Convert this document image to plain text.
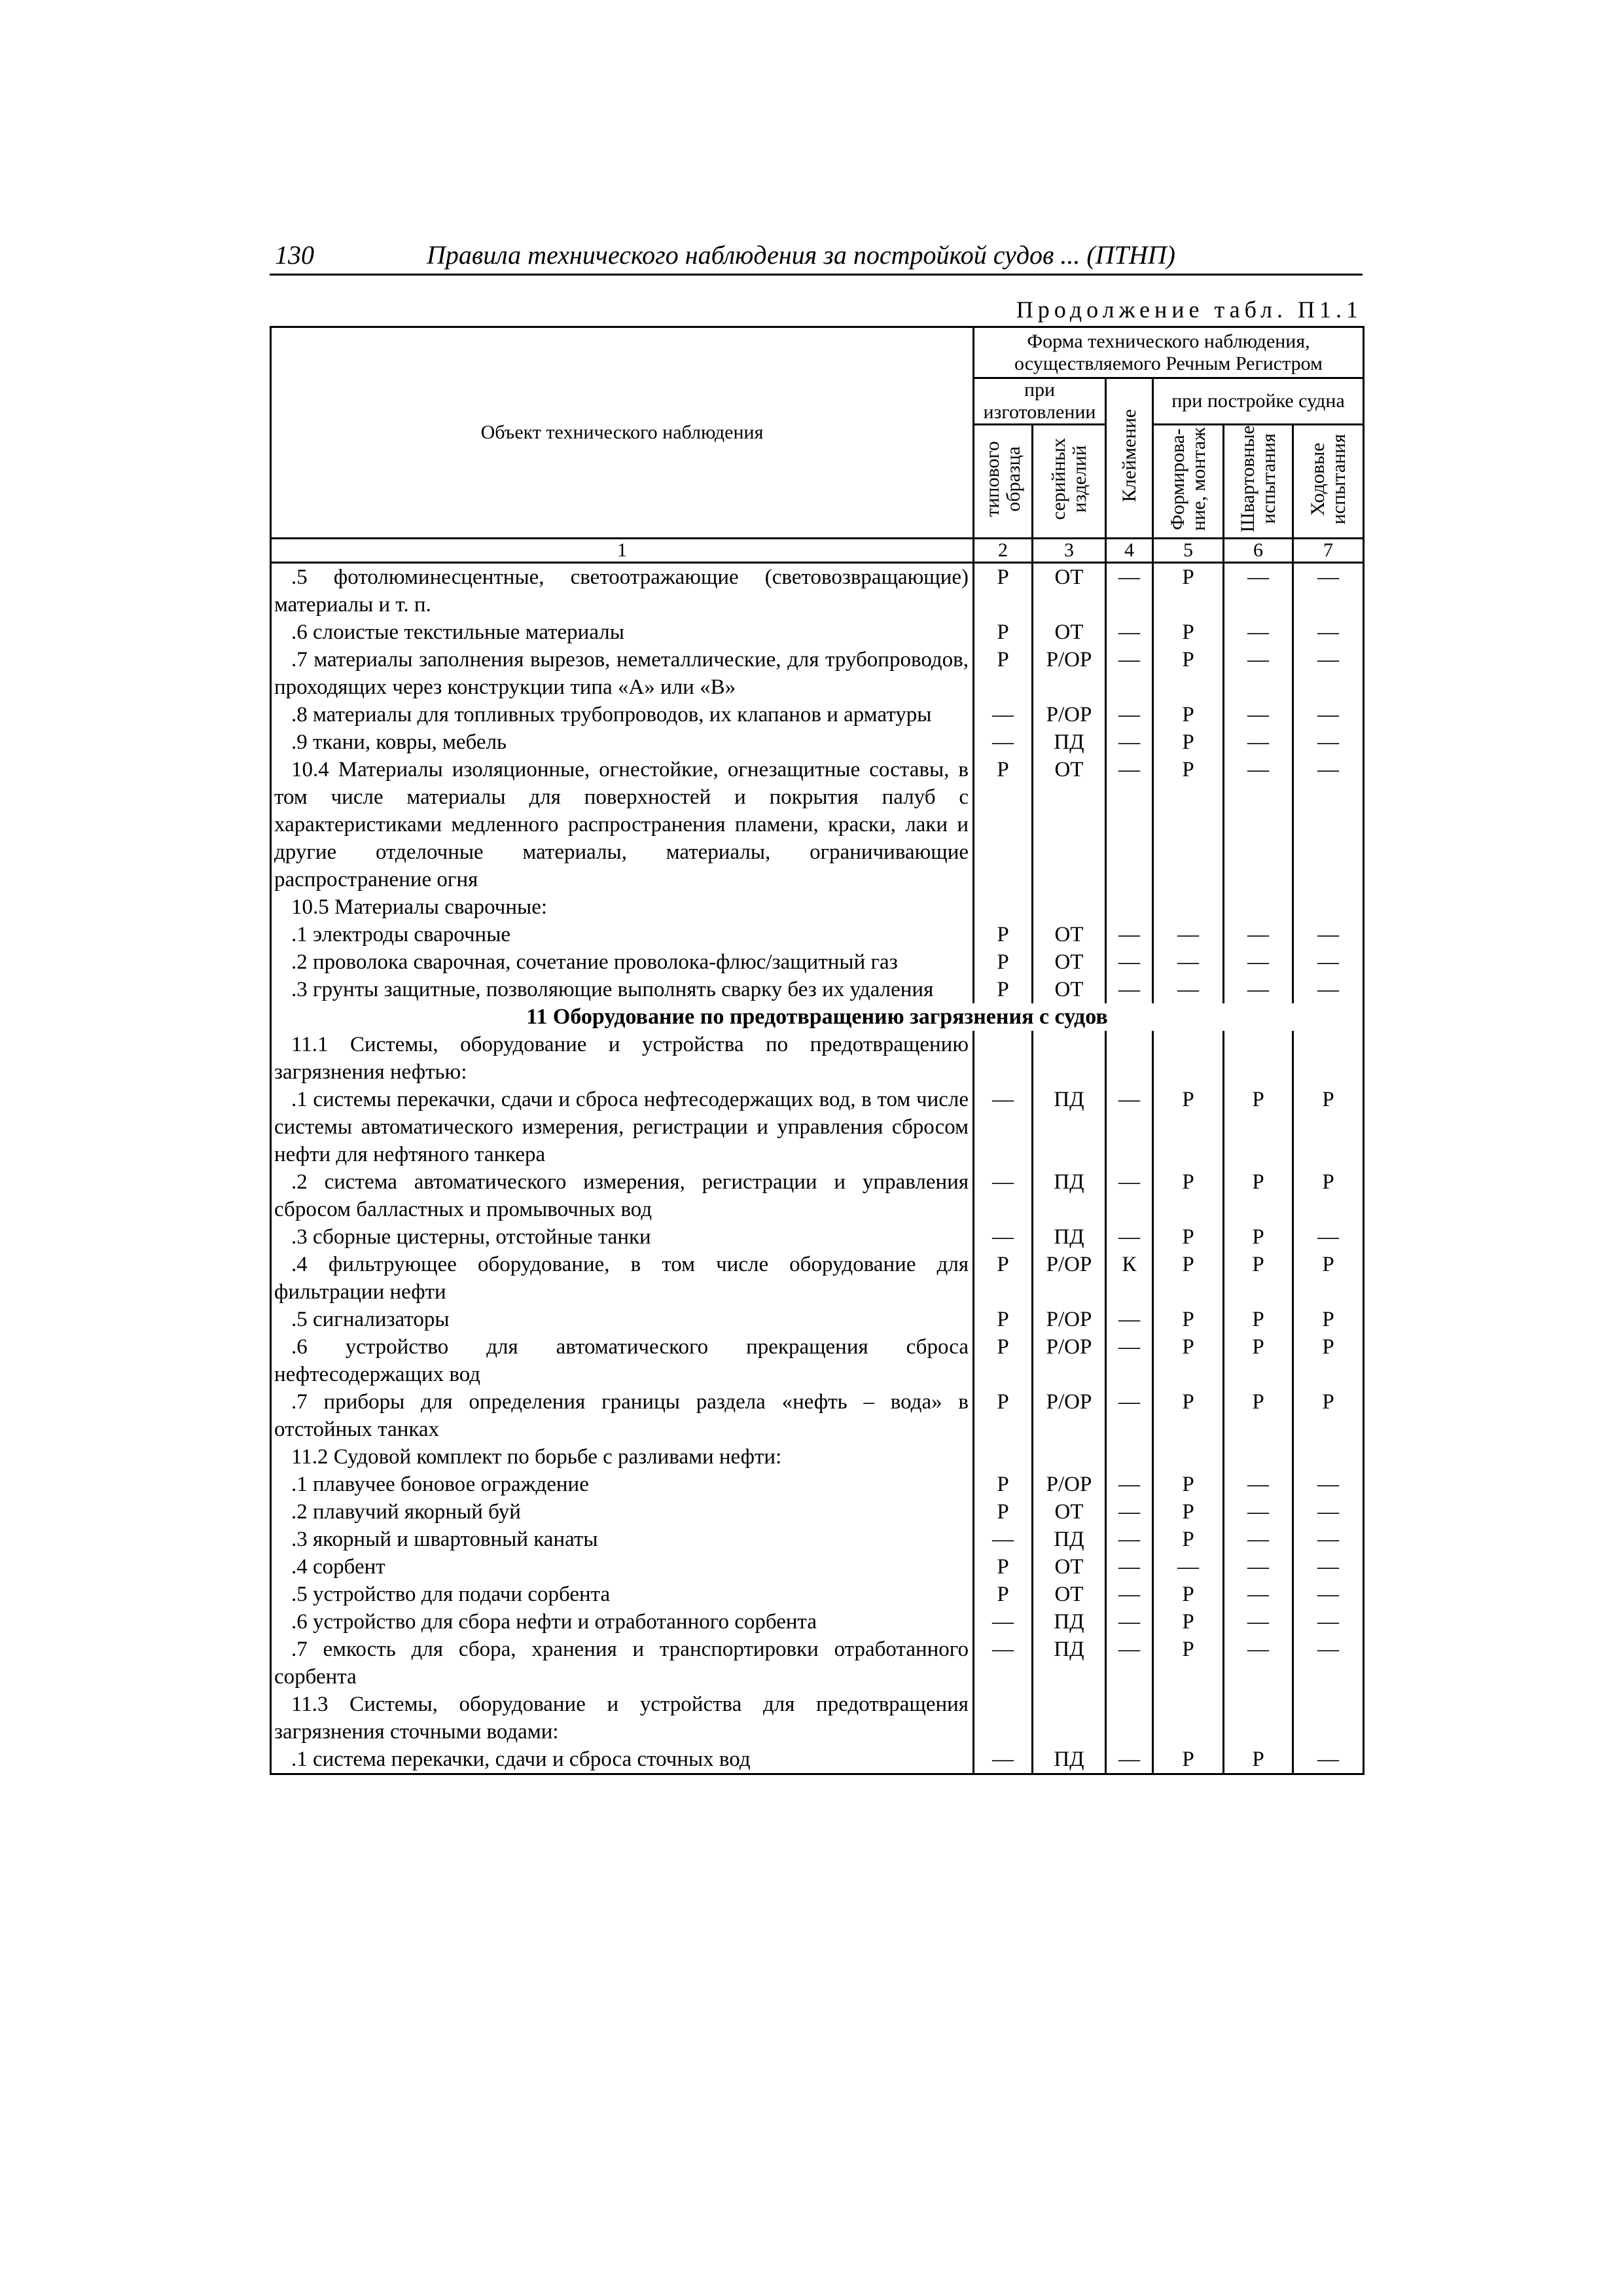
130	Правила технического наблюдения за постройкой судов ... (ПТНП)
Продолжение табл. П1.1
Объект технического наблюдения	Форма технического наблюдения,
осуществляемого Речным Регистром					

	при
изготовлении		Клеймение	при постройке судна		

	типового образца	серийных изделий		Формирова- ние, монтаж	Швартовные испытания	Ходовые испытания

1	2	3	4	5	6	7

.5 фотолюминесцентные, светоотражающие (световозвращающие) материалы и т. п.	Р	ОТ	—	Р	—	—

.6 слоистые текстильные материалы	Р	ОТ	—	Р	—	—

.7 материалы заполнения вырезов, неметаллические, для трубопроводов, проходящих через конструкции типа «А» или «В»	Р	Р/ОР	—	Р	—	—

.8 материалы для топливных трубопроводов, их клапанов и арматуры	—	Р/ОР	—	Р	—	—

.9 ткани, ковры, мебель	—	ПД	—	Р	—	—

10.4 Материалы изоляционные, огнестойкие, огнезащитные составы, в том числе материалы для поверхностей и покрытия палуб с характеристиками медленного распространения пламени, краски, лаки и другие отделочные материалы, материалы, ограничивающие распространение огня	Р	ОТ	—	Р	—	—

10.5 Материалы сварочные:						

.1 электроды сварочные	Р	ОТ	—	—	—	—

.2 проволока сварочная, сочетание проволока-флюс/защитный газ	Р	ОТ	—	—	—	—

.3 грунты защитные, позволяющие выполнять сварку без их удаления	Р	ОТ	—	—	—	—
11 Оборудование по предотвращению загрязнения с судов						

11.1 Системы, оборудование и устройства по предотвращению загрязнения нефтью:						

.1 системы перекачки, сдачи и сброса нефтесодержащих вод, в том числе системы автоматического измерения, регистрации и управления сбросом нефти для нефтяного танкера	—	ПД	—	Р	Р	Р

.2 система автоматического измерения, регистрации и управления сбросом балластных и промывочных вод	—	ПД	—	Р	Р	Р

.3 сборные цистерны, отстойные танки	—	ПД	—	Р	Р	—

.4 фильтрующее оборудование, в том числе оборудование для фильтрации нефти	Р	Р/ОР	К	Р	Р	Р

.5 сигнализаторы	Р	Р/ОР	—	Р	Р	Р

.6 устройство для автоматического прекращения сброса нефтесодержащих вод	Р	Р/ОР	—	Р	Р	Р

.7 приборы для определения границы раздела «нефть – вода» в отстойных танках	Р	Р/ОР	—	Р	Р	Р

11.2 Судовой комплект по борьбе с разливами нефти:						

.1 плавучее боновое ограждение	Р	Р/ОР	—	Р	—	—

.2 плавучий якорный буй	Р	ОТ	—	Р	—	—

.3 якорный и швартовный канаты	—	ПД	—	Р	—	—

.4 сорбент	Р	ОТ	—	—	—	—

.5 устройство для подачи сорбента	Р	ОТ	—	Р	—	—

.6 устройство для сбора нефти и отработанного сорбента	—	ПД	—	Р	—	—

.7 емкость для сбора, хранения и транспортировки отработанного сорбента	—	ПД	—	Р	—	—

11.3 Системы, оборудование и устройства для предотвращения загрязнения сточными водами:						

.1 система перекачки, сдачи и сброса сточных вод	—	ПД	—	Р	Р	—
